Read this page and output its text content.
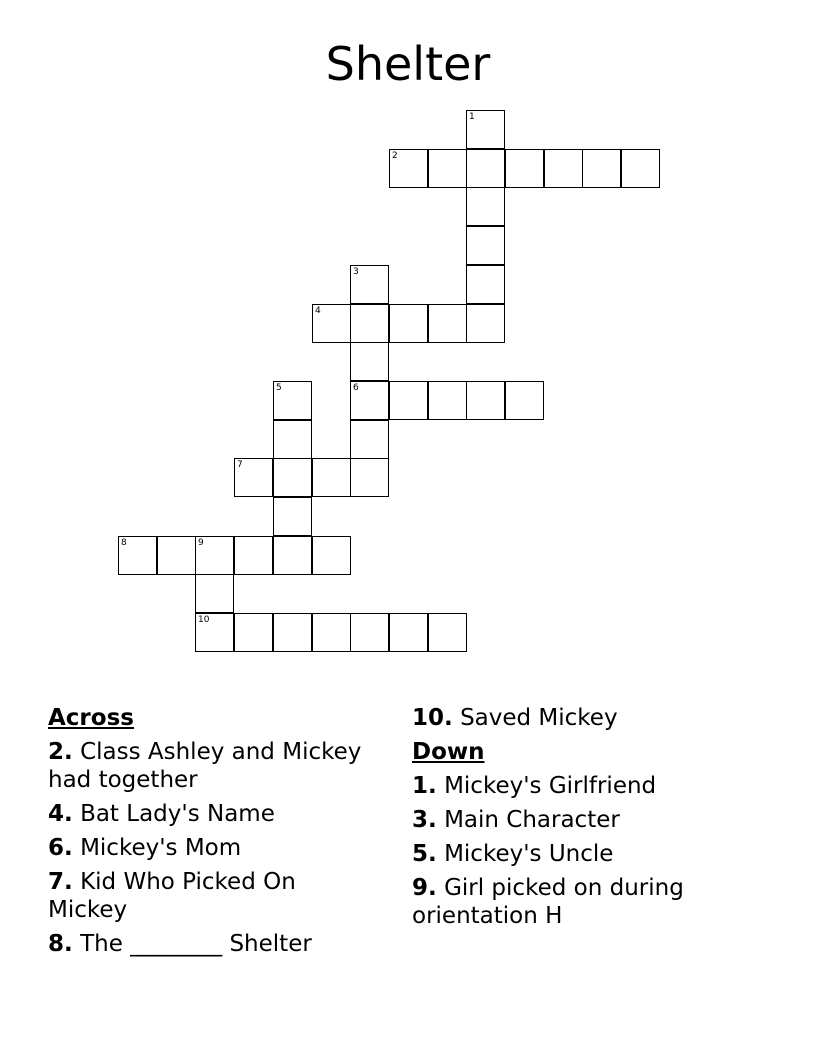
Shelter
1
2
3
4
5	6
7
8	9
10
Across
2. Class Ashley and Mickey had together
4. Bat Lady's Name
6. Mickey's Mom
7. Kid Who Picked On Mickey
8. The ________ Shelter
10. Saved Mickey
Down
1. Mickey's Girlfriend
3. Main Character
5. Mickey's Uncle
9. Girl picked on during orientation H
